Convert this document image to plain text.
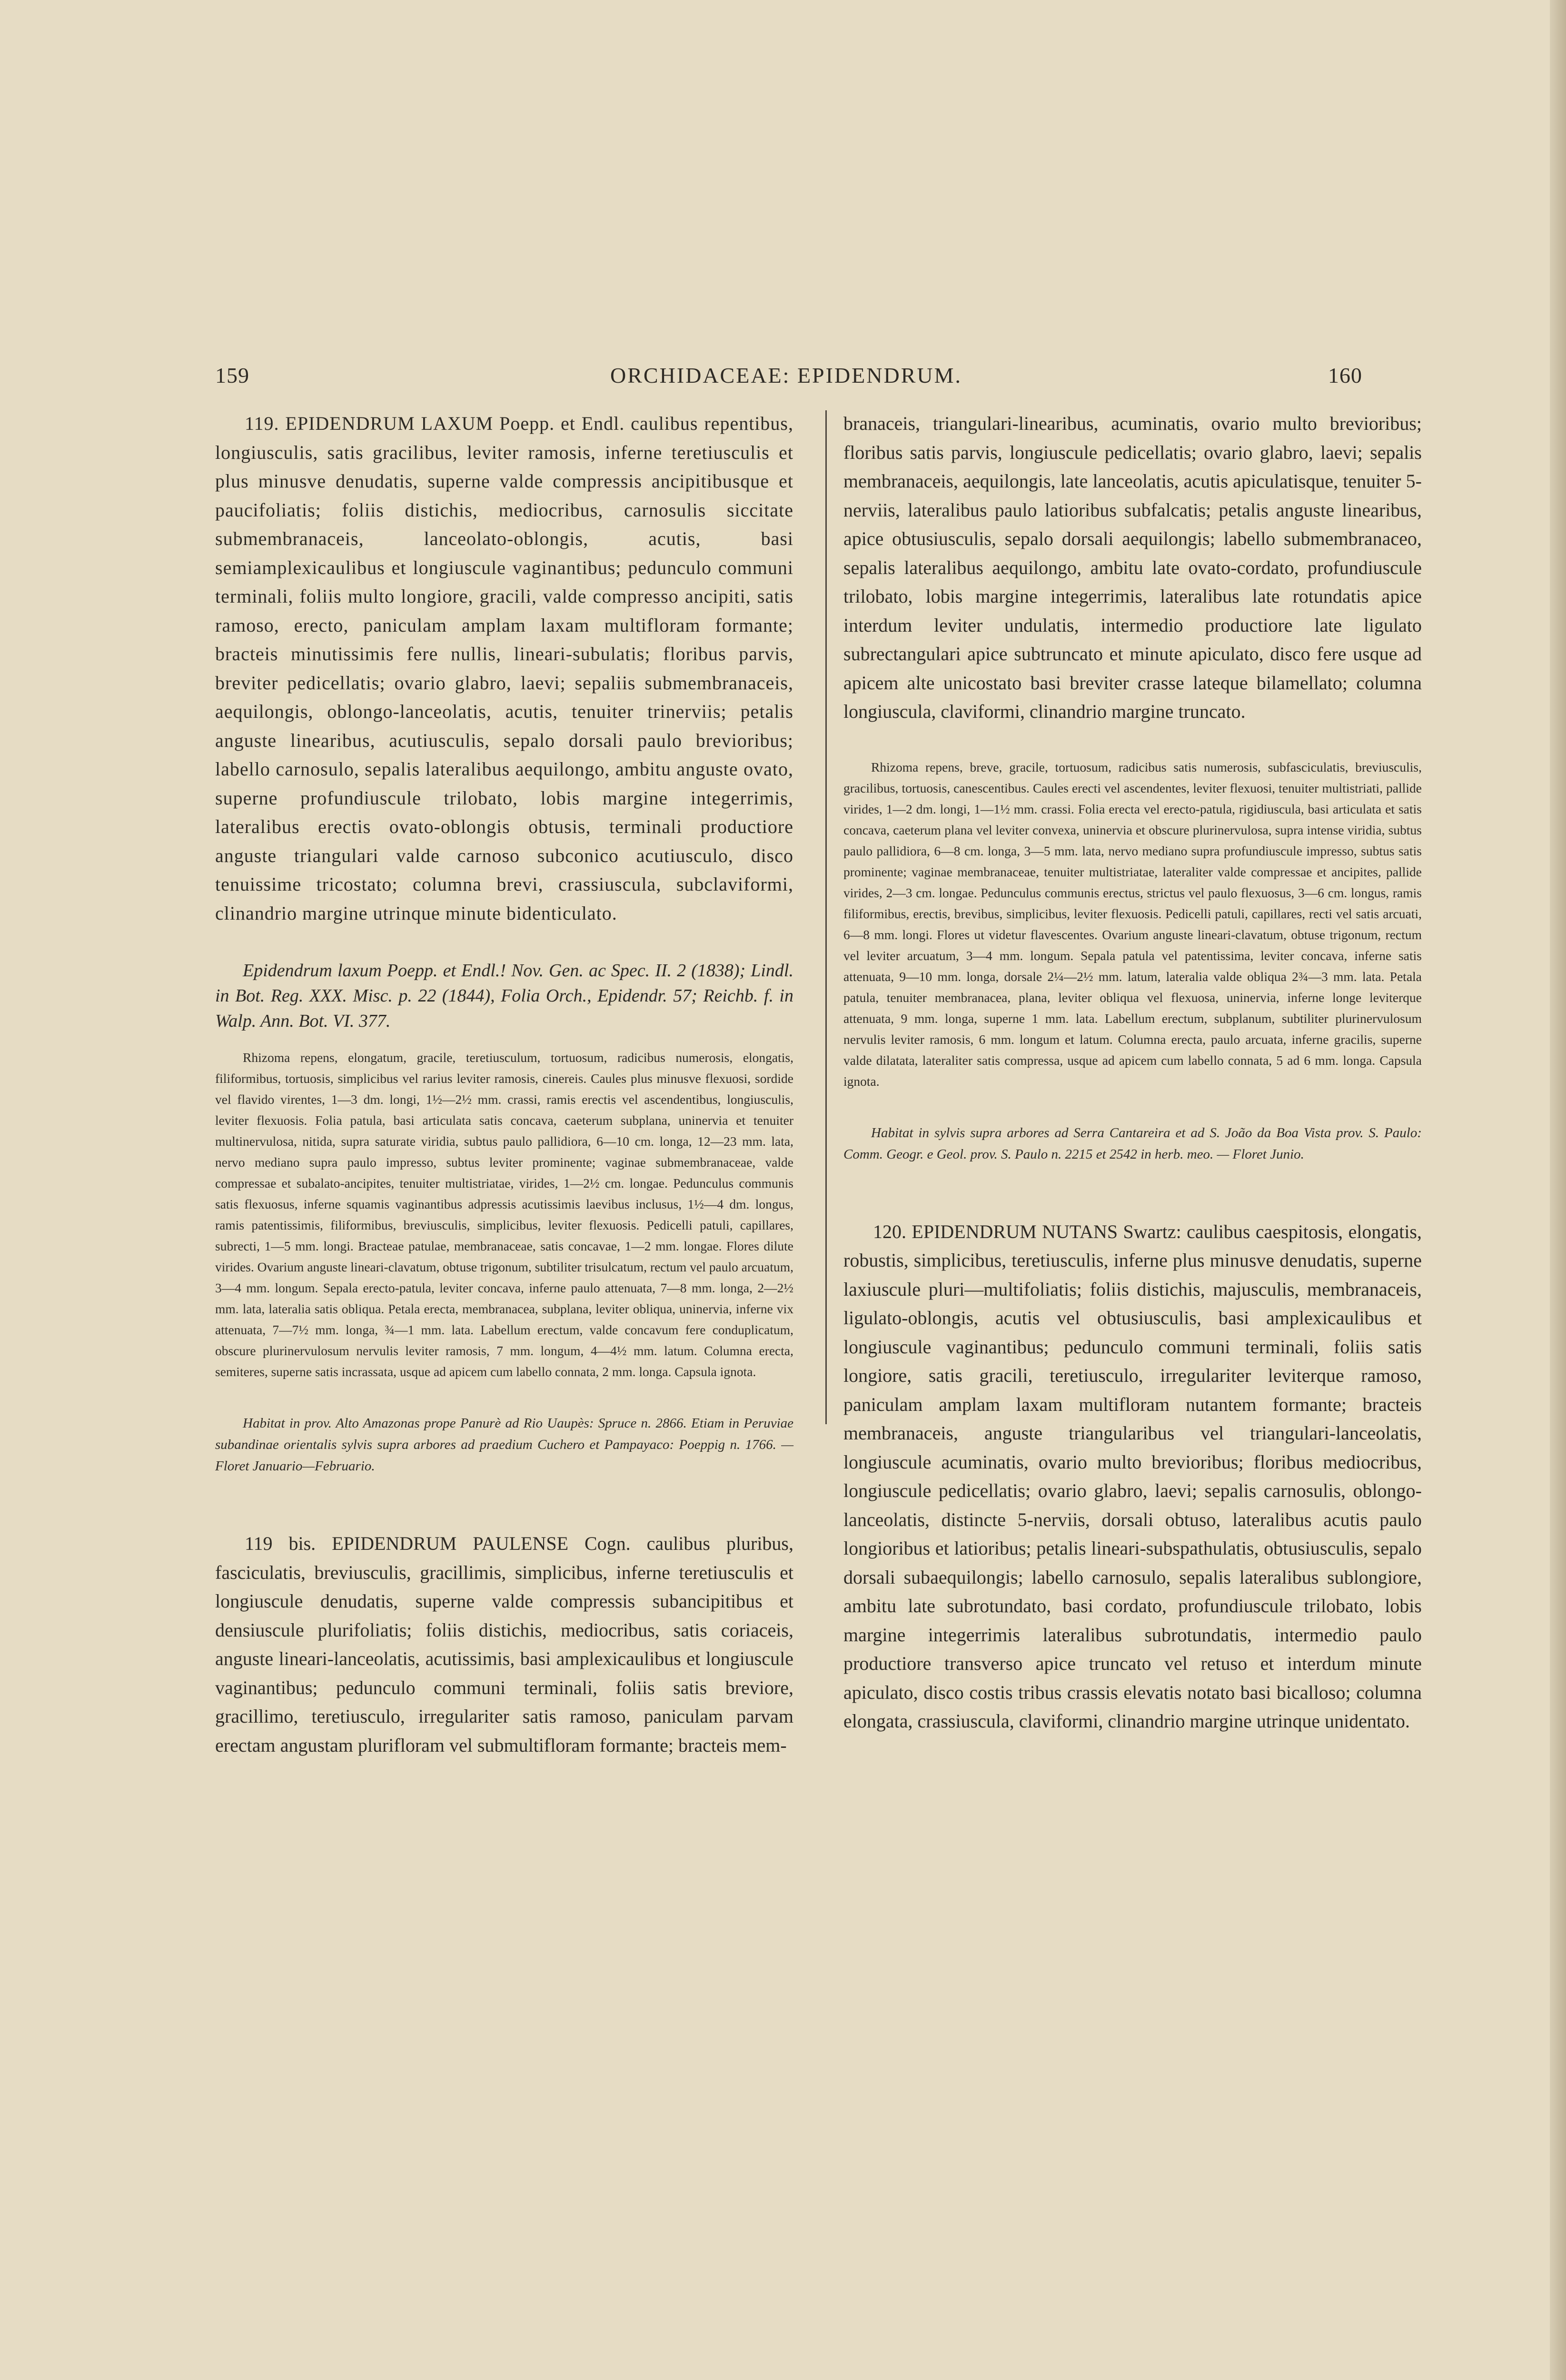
159	ORCHIDACEAE: EPIDENDRUM.	160

119. EPIDENDRUM LAXUM Poepp. et Endl. caulibus repentibus, longiusculis, satis gracilibus, leviter ramosis, inferne teretiusculis et plus minusve denudatis, superne valde compressis ancipitibusque et paucifoliatis; foliis distichis, mediocribus, carnosulis siccitate submembranaceis, lanceolato-oblongis, acutis, basi semiamplexicaulibus et longiuscule vaginantibus; pedunculo communi terminali, foliis multo longiore, gracili, valde compresso ancipiti, satis ramoso, erecto, paniculam amplam laxam multifloram formante; bracteis minutissimis fere nullis, lineari-subulatis; floribus parvis, breviter pedicellatis; ovario glabro, laevi; sepaliis submembranaceis, aequilongis, oblongo-lanceolatis, acutis, tenuiter trinerviis; petalis anguste linearibus, acutiusculis, sepalo dorsali paulo brevioribus; labello carnosulo, sepalis lateralibus aequilongo, ambitu anguste ovato, superne profundiuscule trilobato, lobis margine integerrimis, lateralibus erectis ovato-oblongis obtusis, terminali productiore anguste triangulari valde carnoso subconico acutiusculo, disco tenuissime tricostato; columna brevi, crassiuscula, subclaviformi, clinandrio margine utrinque minute bidenticulato.

Epidendrum laxum Poepp. et Endl.! Nov. Gen. ac Spec. II. 2 (1838); Lindl. in Bot. Reg. XXX. Misc. p. 22 (1844), Folia Orch., Epidendr. 57; Reichb. f. in Walp. Ann. Bot. VI. 377.

Rhizoma repens, elongatum, gracile, teretiusculum, tortuosum, radicibus numerosis, elongatis, filiformibus, tortuosis, simplicibus vel rarius leviter ramosis, cinereis. Caules plus minusve flexuosi, sordide vel flavido virentes, 1—3 dm. longi, 1½—2½ mm. crassi, ramis erectis vel ascendentibus, longiusculis, leviter flexuosis. Folia patula, basi articulata satis concava, caeterum subplana, uninervia et tenuiter multinervulosa, nitida, supra saturate viridia, subtus paulo pallidiora, 6—10 cm. longa, 12—23 mm. lata, nervo mediano supra paulo impresso, subtus leviter prominente; vaginae submembranaceae, valde compressae et subalato-ancipites, tenuiter multistriatae, virides, 1—2½ cm. longae. Pedunculus communis satis flexuosus, inferne squamis vaginantibus adpressis acutissimis laevibus inclusus, 1½—4 dm. longus, ramis patentissimis, filiformibus, breviusculis, simplicibus, leviter flexuosis. Pedicelli patuli, capillares, subrecti, 1—5 mm. longi. Bracteae patulae, membranaceae, satis concavae, 1—2 mm. longae. Flores dilute virides. Ovarium anguste lineari-clavatum, obtuse trigonum, subtiliter trisulcatum, rectum vel paulo arcuatum, 3—4 mm. longum. Sepala erecto-patula, leviter concava, inferne paulo attenuata, 7—8 mm. longa, 2—2½ mm. lata, lateralia satis obliqua. Petala erecta, membranacea, subplana, leviter obliqua, uninervia, inferne vix attenuata, 7—7½ mm. longa, ¾—1 mm. lata. Labellum erectum, valde concavum fere conduplicatum, obscure plurinervulosum nervulis leviter ramosis, 7 mm. longum, 4—4½ mm. latum. Columna erecta, semiteres, superne satis incrassata, usque ad apicem cum labello connata, 2 mm. longa. Capsula ignota.

Habitat in prov. Alto Amazonas prope Panurè ad Rio Uaupès: Spruce n. 2866. Etiam in Peruviae subandinae orientalis sylvis supra arbores ad praedium Cuchero et Pampayaco: Poeppig n. 1766. — Floret Januario—Februario.

119 bis. EPIDENDRUM PAULENSE Cogn. caulibus pluribus, fasciculatis, breviusculis, gracillimis, simplicibus, inferne teretiusculis et longiuscule denudatis, superne valde compressis subancipitibus et densiuscule plurifoliatis; foliis distichis, mediocribus, satis coriaceis, anguste lineari-lanceolatis, acutissimis, basi amplexicaulibus et longiuscule vaginantibus; pedunculo communi terminali, foliis satis breviore, gracillimo, teretiusculo, irregulariter satis ramoso, paniculam parvam erectam angustam plurifloram vel submultifloram formante; bracteis mem-

branaceis, triangulari-linearibus, acuminatis, ovario multo brevioribus; floribus satis parvis, longiuscule pedicellatis; ovario glabro, laevi; sepalis membranaceis, aequilongis, late lanceolatis, acutis apiculatisque, tenuiter 5-nerviis, lateralibus paulo latioribus subfalcatis; petalis anguste linearibus, apice obtusiusculis, sepalo dorsali aequilongis; labello submembranaceo, sepalis lateralibus aequilongo, ambitu late ovato-cordato, profundiuscule trilobato, lobis margine integerrimis, lateralibus late rotundatis apice interdum leviter undulatis, intermedio productiore late ligulato subrectangulari apice subtruncato et minute apiculato, disco fere usque ad apicem alte unicostato basi breviter crasse lateque bilamellato; columna longiuscula, claviformi, clinandrio margine truncato.

Rhizoma repens, breve, gracile, tortuosum, radicibus satis numerosis, subfasciculatis, breviusculis, gracilibus, tortuosis, canescentibus. Caules erecti vel ascendentes, leviter flexuosi, tenuiter multistriati, pallide virides, 1—2 dm. longi, 1—1½ mm. crassi. Folia erecta vel erecto-patula, rigidiuscula, basi articulata et satis concava, caeterum plana vel leviter convexa, uninervia et obscure plurinervulosa, supra intense viridia, subtus paulo pallidiora, 6—8 cm. longa, 3—5 mm. lata, nervo mediano supra profundiuscule impresso, subtus satis prominente; vaginae membranaceae, tenuiter multistriatae, lateraliter valde compressae et ancipites, pallide virides, 2—3 cm. longae. Pedunculus communis erectus, strictus vel paulo flexuosus, 3—6 cm. longus, ramis filiformibus, erectis, brevibus, simplicibus, leviter flexuosis. Pedicelli patuli, capillares, recti vel satis arcuati, 6—8 mm. longi. Flores ut videtur flavescentes. Ovarium anguste lineari-clavatum, obtuse trigonum, rectum vel leviter arcuatum, 3—4 mm. longum. Sepala patula vel patentissima, leviter concava, inferne satis attenuata, 9—10 mm. longa, dorsale 2¼—2½ mm. latum, lateralia valde obliqua 2¾—3 mm. lata. Petala patula, tenuiter membranacea, plana, leviter obliqua vel flexuosa, uninervia, inferne longe leviterque attenuata, 9 mm. longa, superne 1 mm. lata. Labellum erectum, subplanum, subtiliter plurinervulosum nervulis leviter ramosis, 6 mm. longum et latum. Columna erecta, paulo arcuata, inferne gracilis, superne valde dilatata, lateraliter satis compressa, usque ad apicem cum labello connata, 5 ad 6 mm. longa. Capsula ignota.

Habitat in sylvis supra arbores ad Serra Cantareira et ad S. João da Boa Vista prov. S. Paulo: Comm. Geogr. e Geol. prov. S. Paulo n. 2215 et 2542 in herb. meo. — Floret Junio.

120. EPIDENDRUM NUTANS Swartz: caulibus caespitosis, elongatis, robustis, simplicibus, teretiusculis, inferne plus minusve denudatis, superne laxiuscule pluri—multifoliatis; foliis distichis, majusculis, membranaceis, ligulato-oblongis, acutis vel obtusiusculis, basi amplexicaulibus et longiuscule vaginantibus; pedunculo communi terminali, foliis satis longiore, satis gracili, teretiusculo, irregulariter leviterque ramoso, paniculam amplam laxam multifloram nutantem formante; bracteis membranaceis, anguste triangularibus vel triangulari-lanceolatis, longiuscule acuminatis, ovario multo brevioribus; floribus mediocribus, longiuscule pedicellatis; ovario glabro, laevi; sepalis carnosulis, oblongo-lanceolatis, distincte 5-nerviis, dorsali obtuso, lateralibus acutis paulo longioribus et latioribus; petalis lineari-subspathulatis, obtusiusculis, sepalo dorsali subaequilongis; labello carnosulo, sepalis lateralibus sublongiore, ambitu late subrotundato, basi cordato, profundiuscule trilobato, lobis margine integerrimis lateralibus subrotundatis, intermedio paulo productiore transverso apice truncato vel retuso et interdum minute apiculato, disco costis tribus crassis elevatis notato basi bicalloso; columna elongata, crassiuscula, claviformi, clinandrio margine utrinque unidentato.
